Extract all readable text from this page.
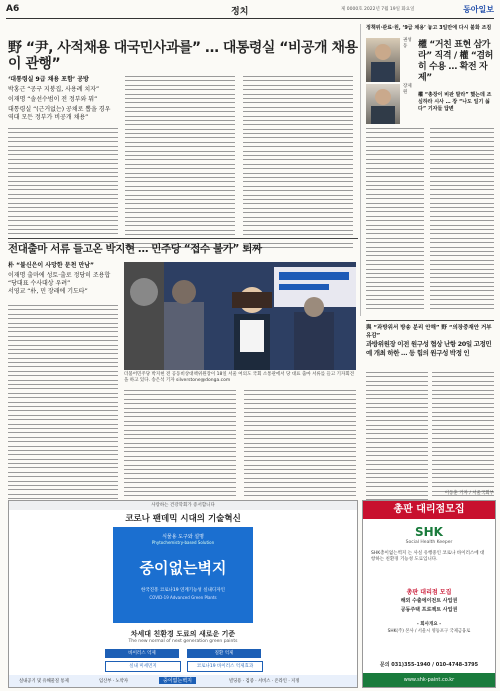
A6	정치	제 0000호 2022년 7월 19일 화요일	동아일보
野 “尹, 사적채용 대국민사과를” … 대통령실 “비공개 채용이 관행”
‘대통령실 9급 채용 포함’ 공방
박홍근 “공구 지붕집, 사용례 치자”
이재명 “솔선수범이 전 정부와 뭐”
대통령실 “(근거없는) 공채로 뽑을 경우 역대 모든 정부가 비공개 채용”
정책위·관료·원, ‘9급 채용’ 놓고 3일만에 다시 불화 조짐
권성동
장제원
權 “거친 표현 삼가라” 직격 / 權 “겸허히 수용 … 확전 자제”
權 “총장이 비판 말라” 했는데 조심하라 시사 … 장 “나도 일기 싫다” 기자들 답변
전대출마 서류 들고온 박지현 … 민주당 “접수 불가” 퇴짜
朴 “불신은이 사망한 문천 만남”
이재명 출마에 성토·출로 정당히 조용합 “당대표 수사대상 우려”
서영교 “朴, 민 장래에 기도타”
더불어민주당 박지현 전 공동비상대책위원장이 18일 서울 여의도 국회 소통관에서 당 대표 출마 서류를 들고 기자회견을 하고 있다. 송은석 기자 silverstone@donga.com
與 “과방위서 방송 분리 안해” 野 “의장중재안 거부 유감”
과방위원장 이전 원구성 협상 난항 20일 고정민 예 개최 하한 … 등 힘의 원구성 박정 인
이동훈 기자 / 서울국회부
사랑하는 건강학회가 증서합니다
코로나 팬데믹 시대의 기술혁신
식물용 도구와 설명
Phytochemistry-based Solution
중이없는벽지
한국진흥 코로나19 연계기능성 실내디자인
COVID-19 Advanced Green Plants
차세대 친환경 도료의 새로운 기준
The new normal of next generation green paints
바이러스 억제	질환 억제
실내 미세먼지	코로나19 바이러스 억제효과
실내공기 및 유해물질 통제	임산부 · 노약자	중이없는벽지	빌딩용 · 검증 · 서비스 · 온라인 · 지정
총판 대리점모집
SHK
Social Health Keeper
SHK총이없는벽지 는 사실 유행중인 코로나 바이러스에 대항하는 친환경 기능성 도료입니다.
총판 대리점 모집
해외 수출에이전트 사업권
공동주택 프로젝트 사업권
- 회사개요 -
SHK(주) 본사 / 서울시 영등포구 국제금융로
문의 031)355-1940 / 010-4748-3795
www.shk-paint.co.kr
